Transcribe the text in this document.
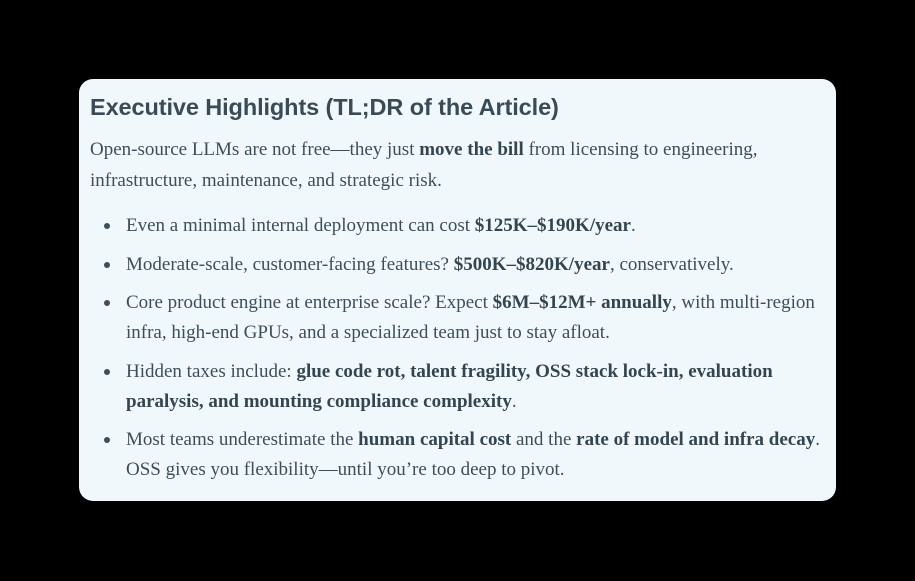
Executive Highlights (TL;DR of the Article)

Open-source LLMs are not free—they just move the bill from licensing to engineering, infrastructure, maintenance, and strategic risk.

Even a minimal internal deployment can cost $125K–$190K/year.
Moderate-scale, customer-facing features? $500K–$820K/year, conservatively.
Core product engine at enterprise scale? Expect $6M–$12M+ annually, with multi-region infra, high-end GPUs, and a specialized team just to stay afloat.
Hidden taxes include: glue code rot, talent fragility, OSS stack lock-in, evaluation paralysis, and mounting compliance complexity.
Most teams underestimate the human capital cost and the rate of model and infra decay. OSS gives you flexibility—until you’re too deep to pivot.
